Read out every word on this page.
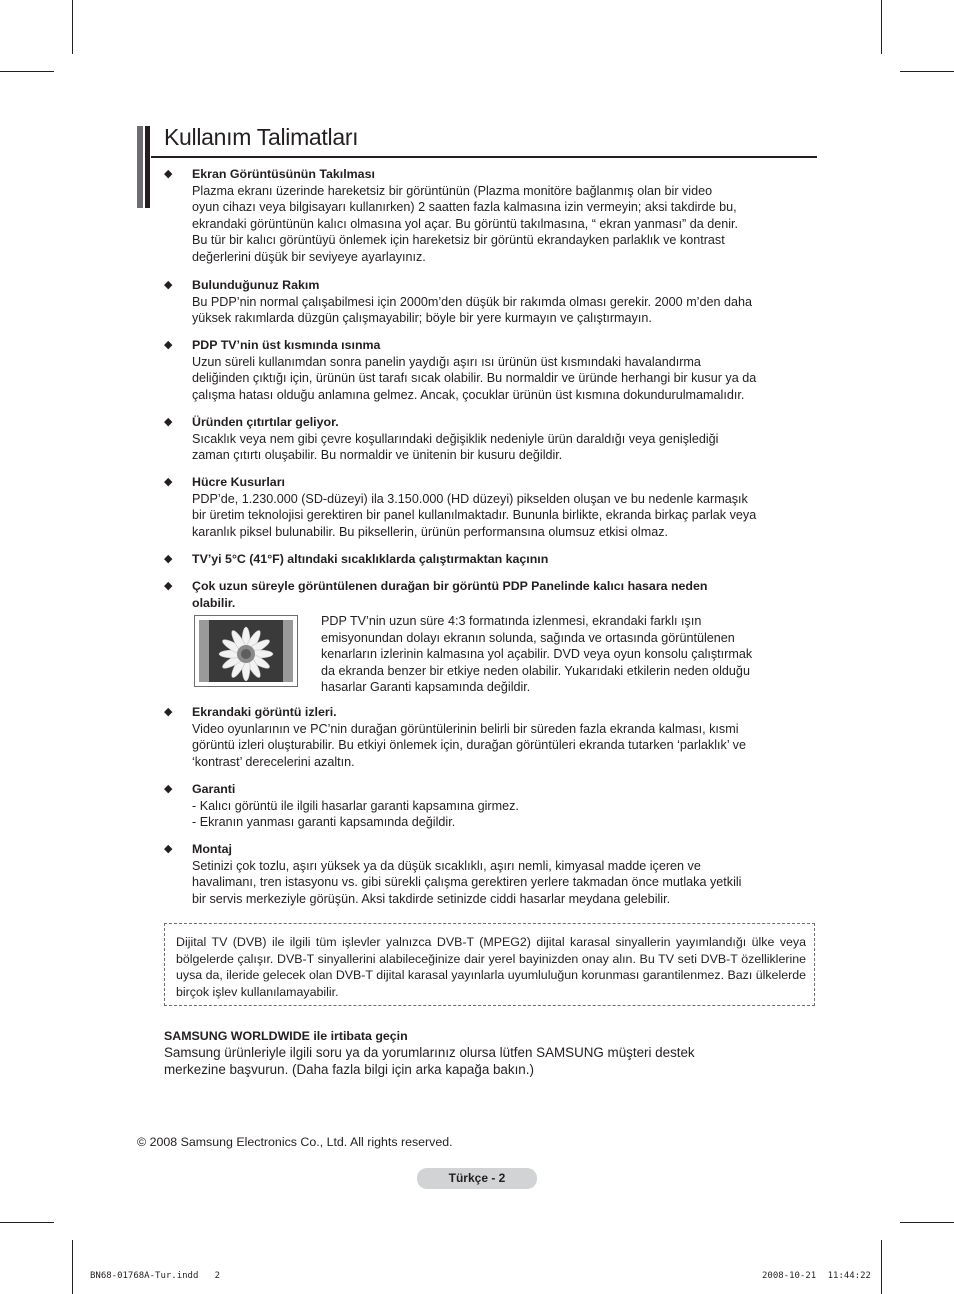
Kullanım Talimatları
◆ Ekran Görüntüsünün Takılması
Plazma ekranı üzerinde hareketsiz bir görüntünün (Plazma monitöre bağlanmış olan bir video
oyun cihazı veya bilgisayarı kullanırken) 2 saatten fazla kalmasına izin vermeyin; aksi takdirde bu,
ekrandaki görüntünün kalıcı olmasına yol açar. Bu görüntü takılmasına, “ ekran yanması” da denir.
Bu tür bir kalıcı görüntüyü önlemek için hareketsiz bir görüntü ekrandayken parlaklık ve kontrast
değerlerini düşük bir seviyeye ayarlayınız.
◆ Bulunduğunuz Rakım
Bu PDP’nin normal çalışabilmesi için 2000m’den düşük bir rakımda olması gerekir. 2000 m’den daha
yüksek rakımlarda düzgün çalışmayabilir; böyle bir yere kurmayın ve çalıştırmayın.
◆ PDP TV’nin üst kısmında ısınma
Uzun süreli kullanımdan sonra panelin yaydığı aşırı ısı ürünün üst kısmındaki havalandırma
deliğinden çıktığı için, ürünün üst tarafı sıcak olabilir. Bu normaldir ve üründe herhangi bir kusur ya da
çalışma hatası olduğu anlamına gelmez. Ancak, çocuklar ürünün üst kısmına dokundurulmamalıdır.
◆ Üründen çıtırtılar geliyor.
Sıcaklık veya nem gibi çevre koşullarındaki değişiklik nedeniyle ürün daraldığı veya genişlediği
zaman çıtırtı oluşabilir. Bu normaldir ve ünitenin bir kusuru değildir.
◆ Hücre Kusurları
PDP’de, 1.230.000 (SD-düzeyi) ila 3.150.000 (HD düzeyi) pikselden oluşan ve bu nedenle karmaşık
bir üretim teknolojisi gerektiren bir panel kullanılmaktadır. Bununla birlikte, ekranda birkaç parlak veya
karanlık piksel bulunabilir. Bu piksellerin, ürünün performansına olumsuz etkisi olmaz.
◆ TV’yi 5°C (41°F) altındaki sıcaklıklarda çalıştırmaktan kaçının
◆ Çok uzun süreyle görüntülenen durağan bir görüntü PDP Panelinde kalıcı hasara neden
olabilir.
PDP TV’nin uzun süre 4:3 formatında izlenmesi, ekrandaki farklı ışın
emisyonundan dolayı ekranın solunda, sağında ve ortasında görüntülenen
kenarların izlerinin kalmasına yol açabilir. DVD veya oyun konsolu çalıştırmak
da ekranda benzer bir etkiye neden olabilir. Yukarıdaki etkilerin neden olduğu
hasarlar Garanti kapsamında değildir.
◆ Ekrandaki görüntü izleri.
Video oyunlarının ve PC’nin durağan görüntülerinin belirli bir süreden fazla ekranda kalması, kısmi
görüntü izleri oluşturabilir. Bu etkiyi önlemek için, durağan görüntüleri ekranda tutarken ‘parlaklık’ ve
‘kontrast’ derecelerini azaltın.
◆ Garanti
- Kalıcı görüntü ile ilgili hasarlar garanti kapsamına girmez.
- Ekranın yanması garanti kapsamında değildir.
◆ Montaj
Setinizi çok tozlu, aşırı yüksek ya da düşük sıcaklıklı, aşırı nemli, kimyasal madde içeren ve
havalimanı, tren istasyonu vs. gibi sürekli çalışma gerektiren yerlere takmadan önce mutlaka yetkili
bir servis merkeziyle görüşün. Aksi takdirde setinizde ciddi hasarlar meydana gelebilir.

Dijital TV (DVB) ile ilgili tüm işlevler yalnızca DVB-T (MPEG2) dijital karasal sinyallerin yayımlandığı ülke veya bölgelerde çalışır. DVB-T sinyallerini alabileceğinize dair yerel bayinizden onay alın. Bu TV seti DVB-T özelliklerine uysa da, ileride gelecek olan DVB-T dijital karasal yayınlarla uyumluluğun korunması garantilenmez. Bazı ülkelerde birçok işlev kullanılamayabilir.

SAMSUNG WORLDWIDE ile irtibata geçin
Samsung ürünleriyle ilgili soru ya da yorumlarınız olursa lütfen SAMSUNG müşteri destek
merkezine başvurun. (Daha fazla bilgi için arka kapağa bakın.)
© 2008 Samsung Electronics Co., Ltd. All rights reserved.
Türkçe - 2
BN68-01768A-Tur.indd   2	2008-10-21 11:44:22
